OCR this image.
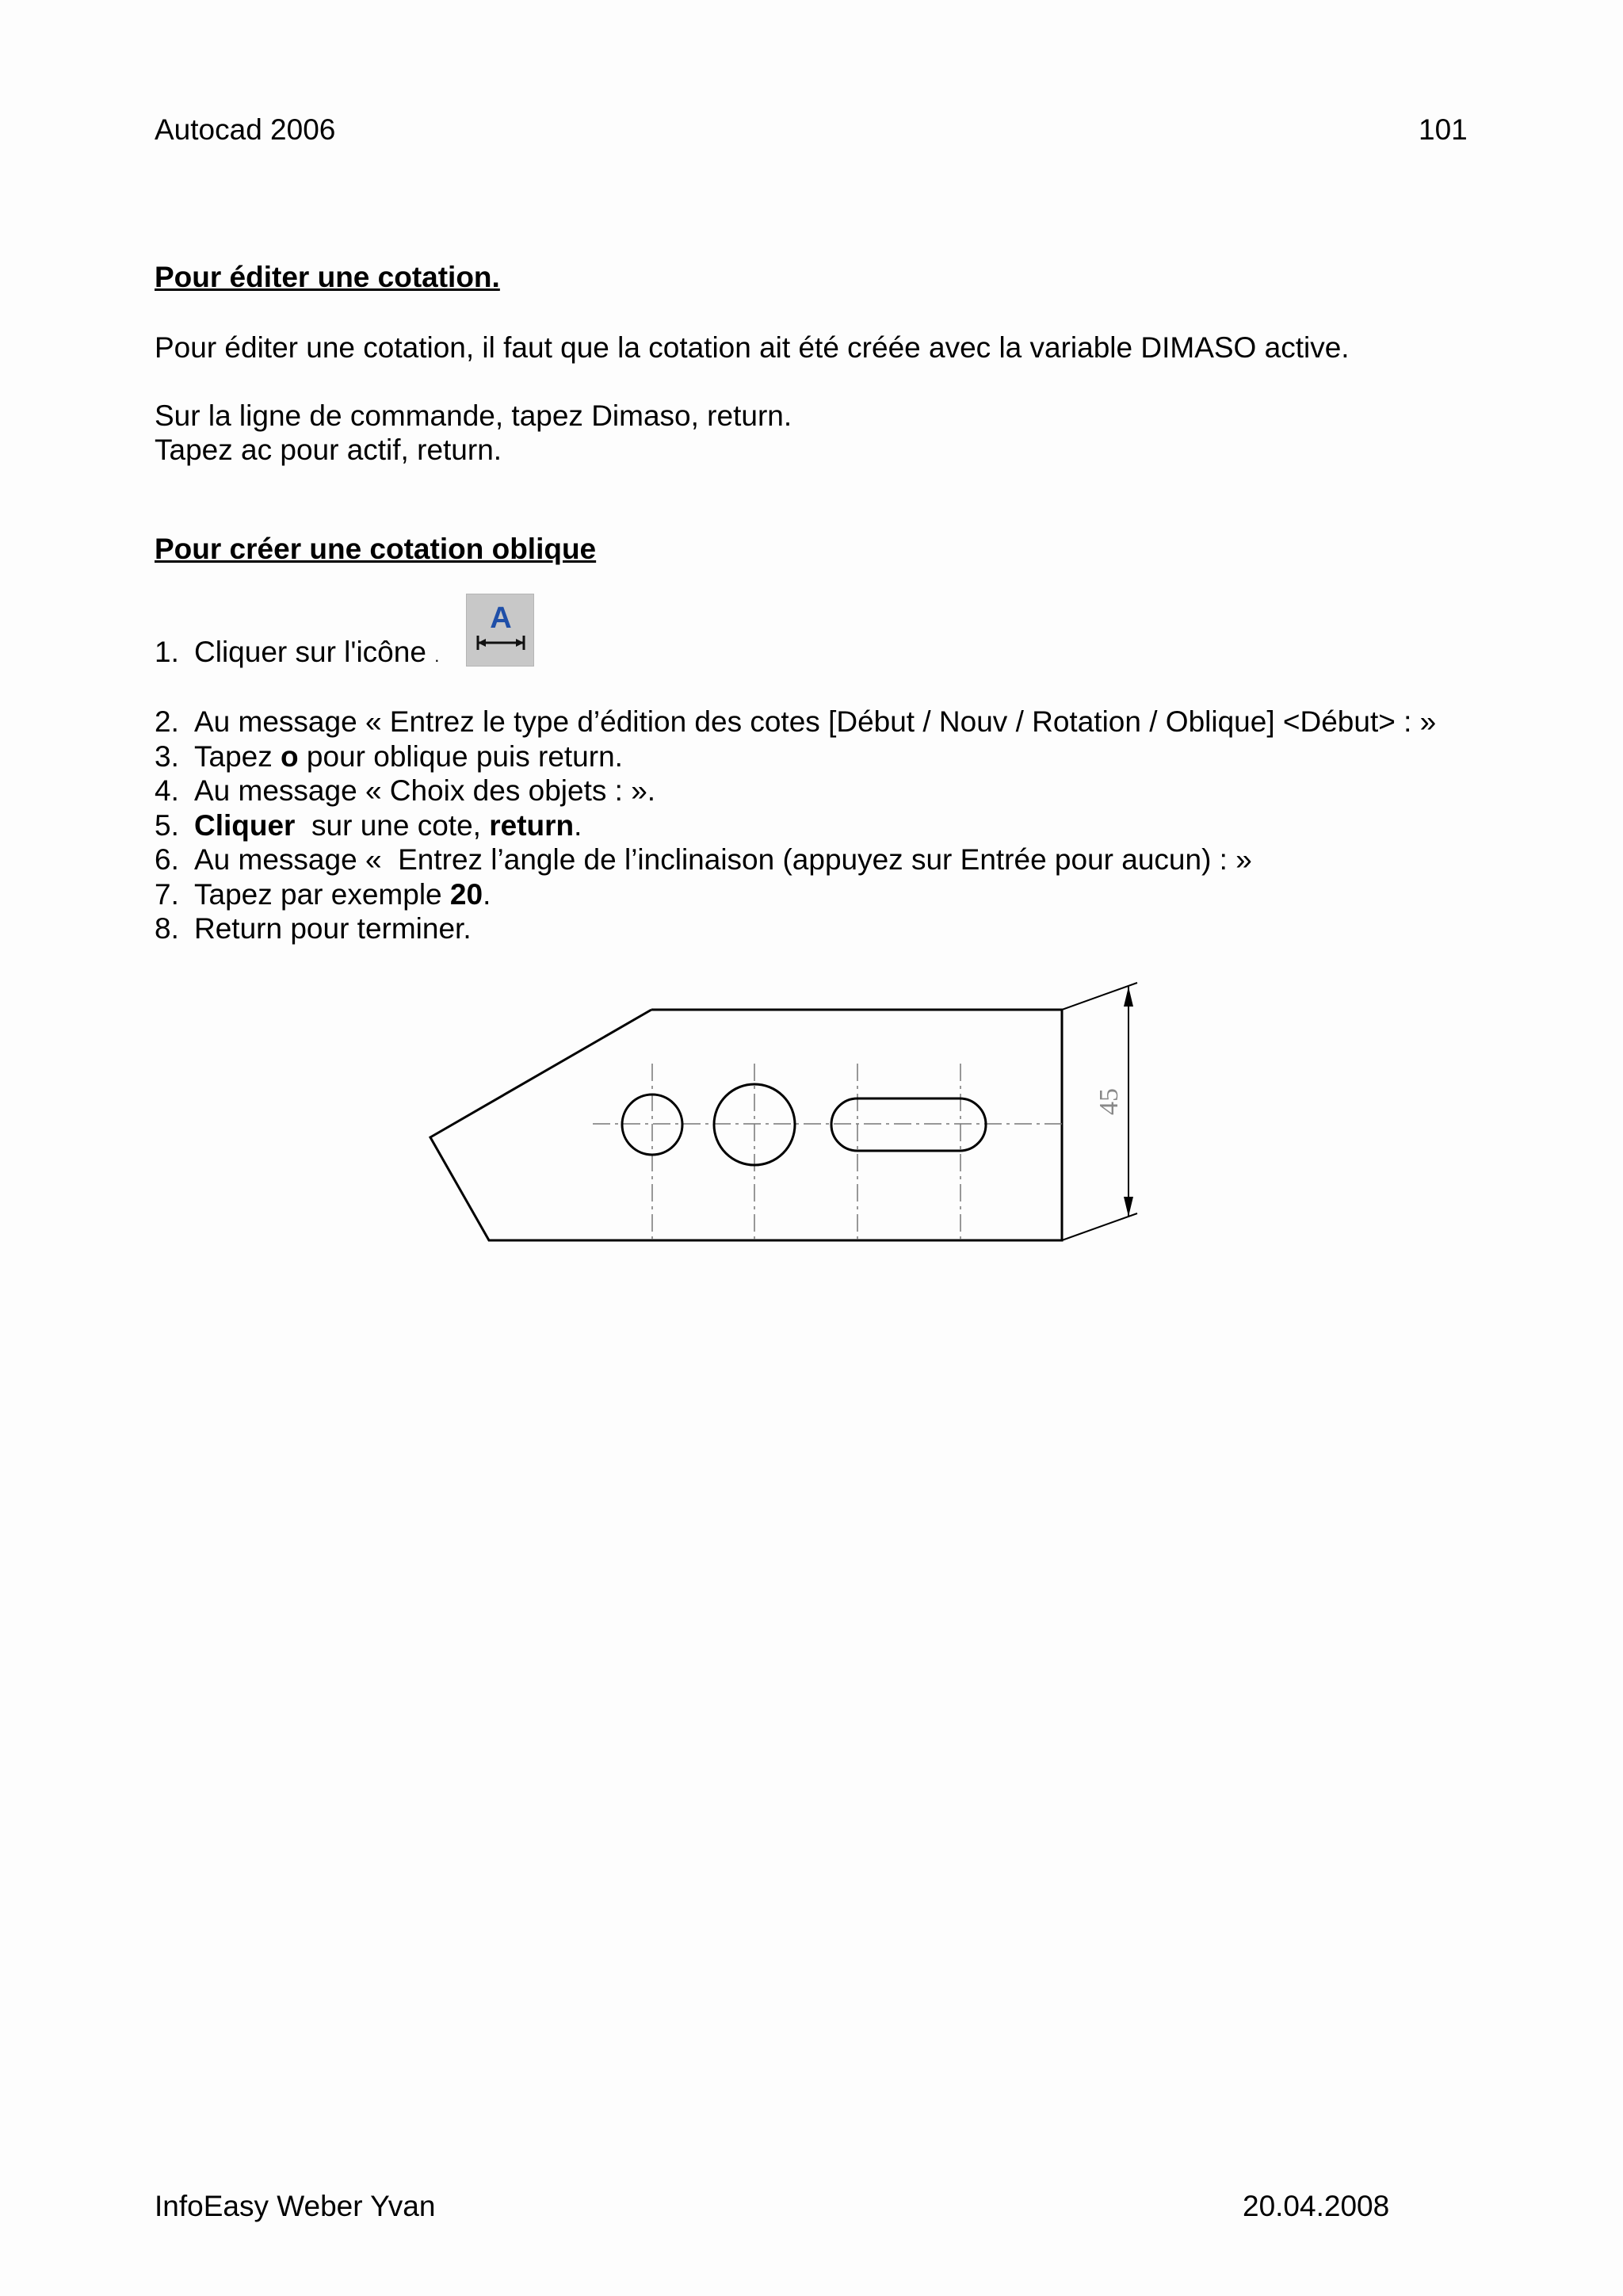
Autocad 2006	101
Pour éditer une cotation.
Pour éditer une cotation, il faut que la cotation ait été créée avec la variable DIMASO active.
Sur la ligne de commande, tapez Dimaso, return.
Tapez ac pour actif, return.
Pour créer une cotation oblique
1. Cliquer sur l'icône .
A
2. Au message « Entrez le type d’édition des cotes [Début / Nouv / Rotation / Oblique] <Début> : »
3. Tapez o pour oblique puis return.
4. Au message « Choix des objets : ».
5. Cliquer  sur une cote, return.
6. Au message «  Entrez l’angle de l’inclinaison (appuyez sur Entrée pour aucun) : »
7. Tapez par exemple 20.
8. Return pour terminer.
45
InfoEasy Weber Yvan	20.04.2008
